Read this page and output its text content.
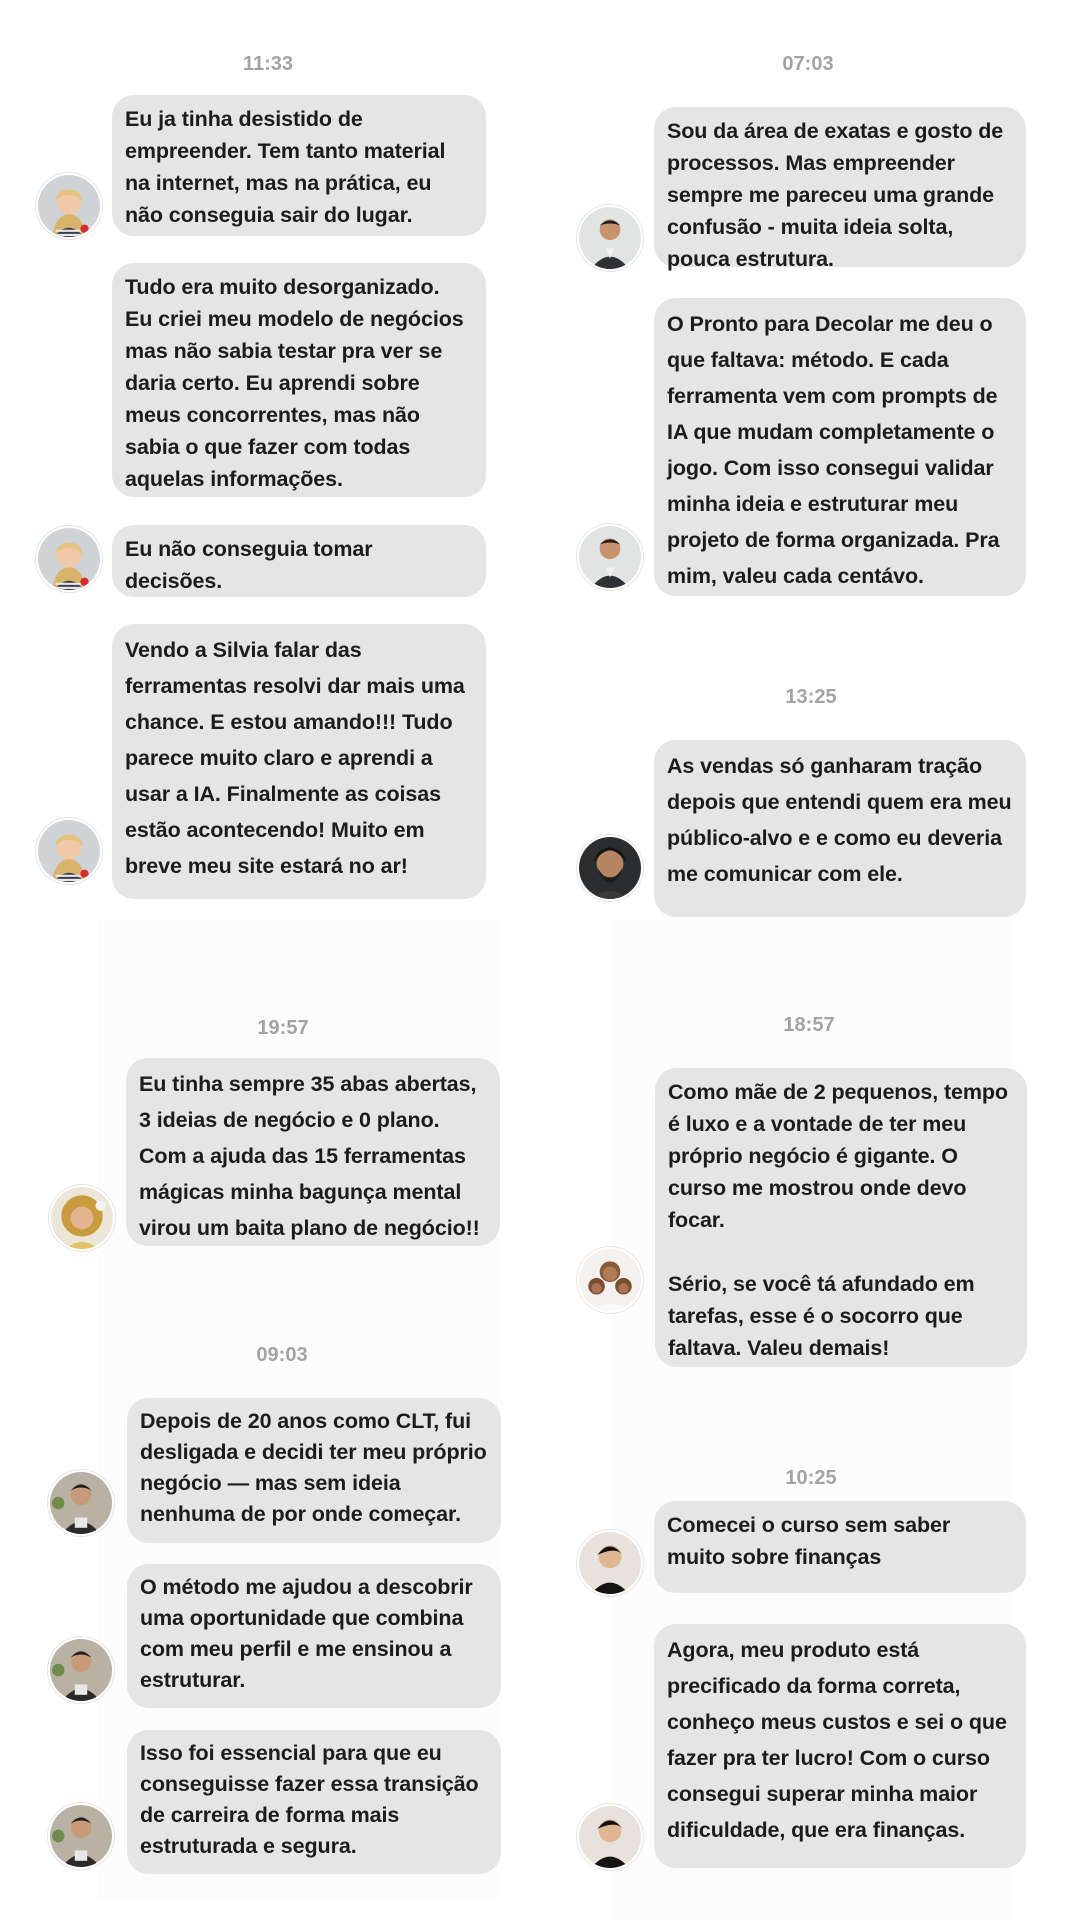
11:33
Eu ja tinha desistido de empreender. Tem tanto material na internet, mas na prática, eu não conseguia sair do lugar.
Tudo era muito desorganizado. Eu criei meu modelo de negócios mas não sabia testar pra ver se daria certo. Eu aprendi sobre meus concorrentes, mas não sabia o que fazer com todas aquelas informações.
Eu não conseguia tomar decisões.
Vendo a Silvia falar das ferramentas resolvi dar mais uma chance. E estou amando!!! Tudo parece muito claro e aprendi a usar a IA. Finalmente as coisas estão acontecendo! Muito em breve meu site estará no ar!
19:57
Eu tinha sempre 35 abas abertas, 3 ideias de negócio e 0 plano. Com a ajuda das 15 ferramentas mágicas minha bagunça mental virou um baita plano de negócio!!
09:03
Depois de 20 anos como CLT, fui desligada e decidi ter meu próprio negócio — mas sem ideia nenhuma de por onde começar.
O método me ajudou a descobrir uma oportunidade que combina com meu perfil e me ensinou a estruturar.
Isso foi essencial para que eu conseguisse fazer essa transição de carreira de forma mais estruturada e segura.
07:03
Sou da área de exatas e gosto de processos. Mas empreender sempre me pareceu uma grande confusão - muita ideia solta, pouca estrutura.
O Pronto para Decolar me deu o que faltava: método. E cada ferramenta vem com prompts de IA que mudam completamente o jogo. Com isso consegui validar minha ideia e estruturar meu projeto de forma organizada. Pra mim, valeu cada centávo.
13:25
As vendas só ganharam tração depois que entendi quem era meu público-alvo e e como eu deveria me comunicar com ele.
18:57
Como mãe de 2 pequenos, tempo é luxo e a vontade de ter meu próprio negócio é gigante. O curso me mostrou onde devo focar.

Sério, se você tá afundado em tarefas, esse é o socorro que faltava. Valeu demais!
10:25
Comecei o curso sem saber muito sobre finanças
Agora, meu produto está precificado da forma correta, conheço meus custos e sei o que fazer pra ter lucro! Com o curso consegui superar minha maior dificuldade, que era finanças.
